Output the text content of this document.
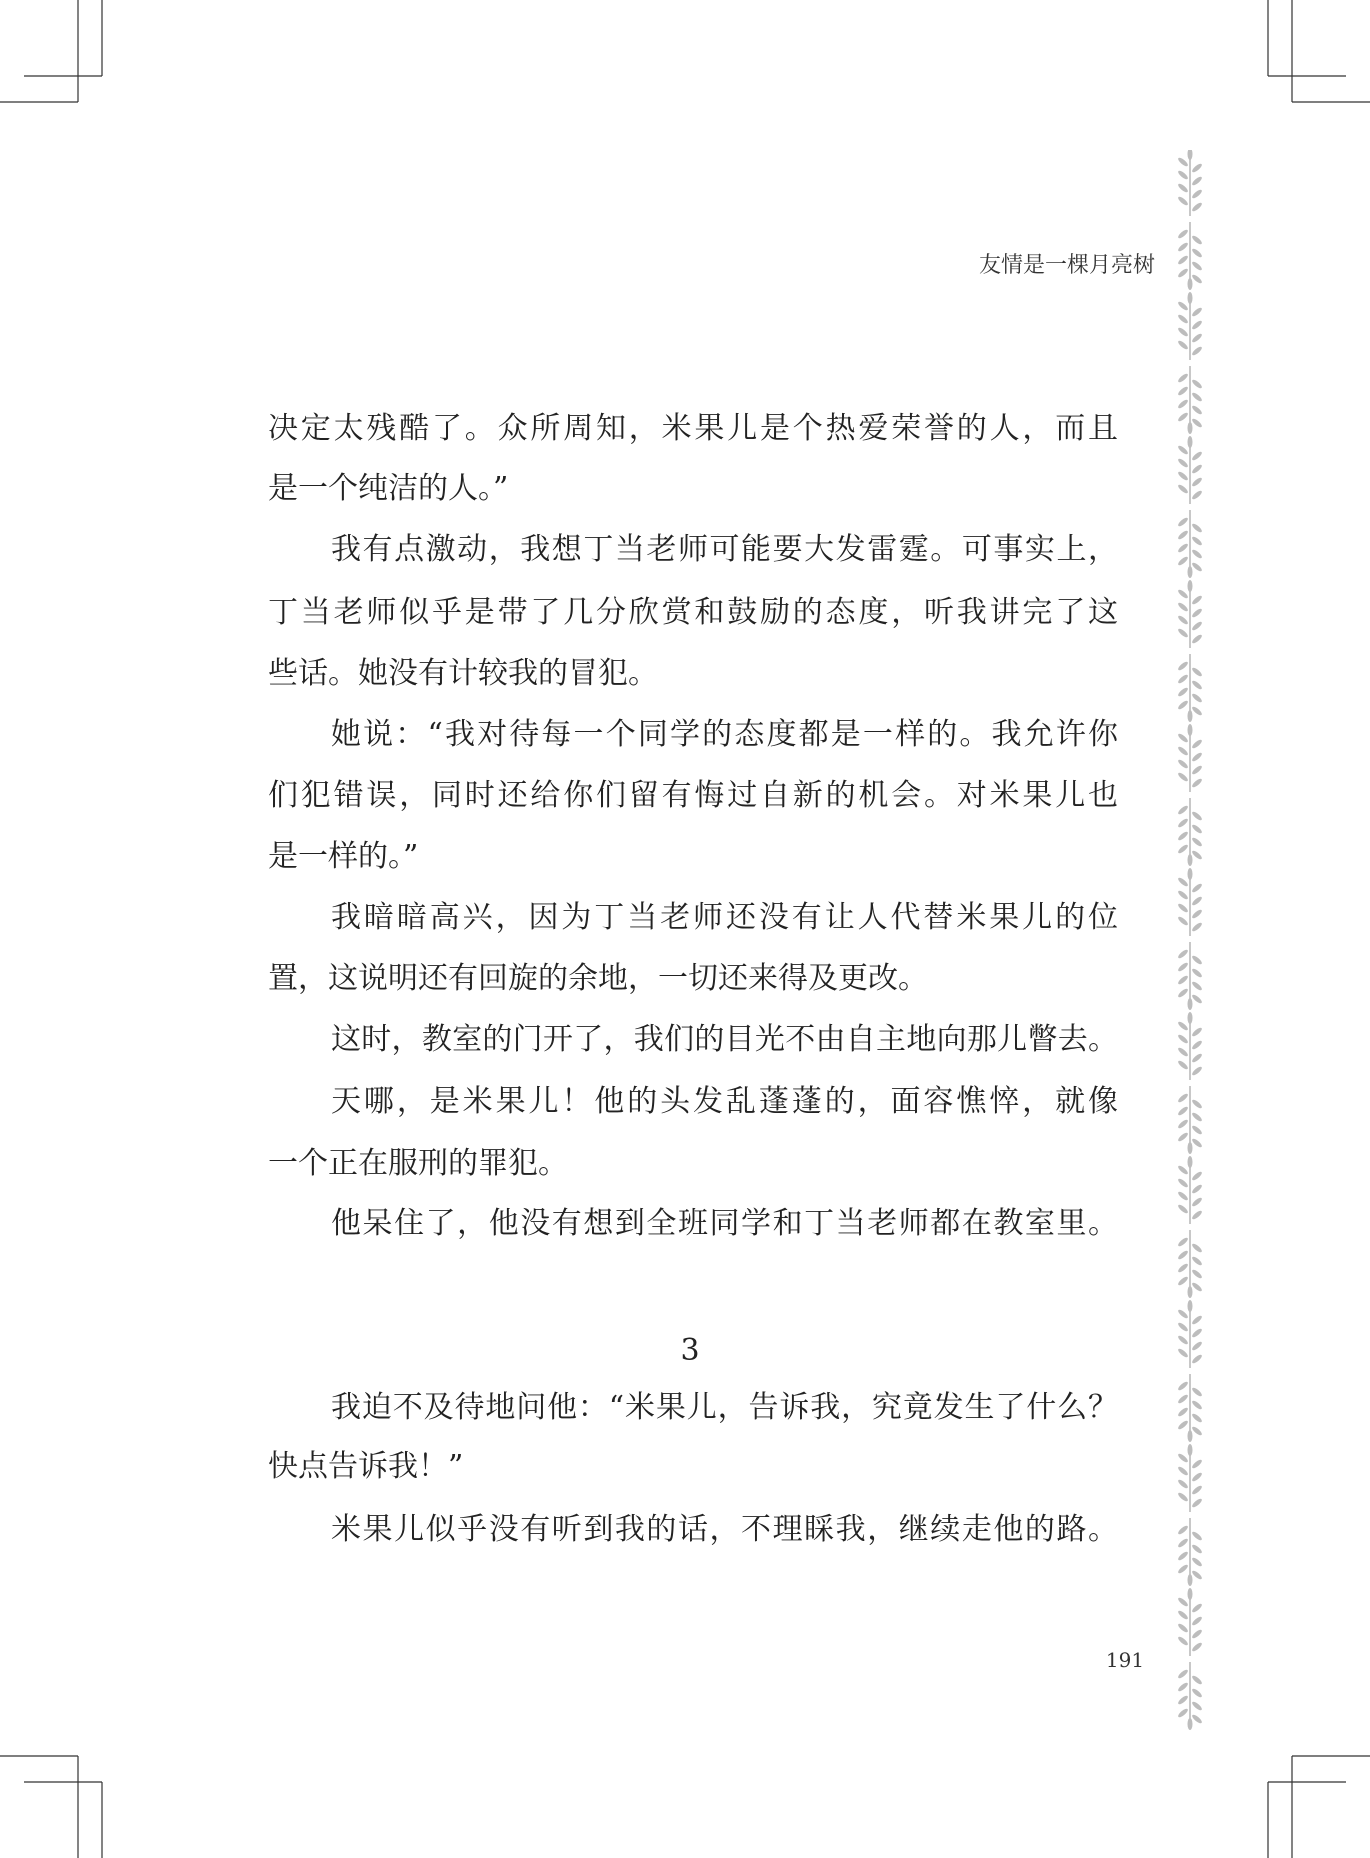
友情是一棵月亮树
决定太残酷了。众所周知，米果儿是个热爱荣誉的人，而且
是一个纯洁的人。”
我有点激动，我想丁当老师可能要大发雷霆。可事实上，
丁当老师似乎是带了几分欣赏和鼓励的态度，听我讲完了这
些话。她没有计较我的冒犯。
她说：“我对待每一个同学的态度都是一样的。我允许你
们犯错误，同时还给你们留有悔过自新的机会。对米果儿也
是一样的。”
我暗暗高兴，因为丁当老师还没有让人代替米果儿的位
置，这说明还有回旋的余地，一切还来得及更改。
这时，教室的门开了，我们的目光不由自主地向那儿瞥去。
天哪，是米果儿！他的头发乱蓬蓬的，面容憔悴，就像
一个正在服刑的罪犯。
他呆住了，他没有想到全班同学和丁当老师都在教室里。
我迫不及待地问他：“米果儿，告诉我，究竟发生了什么？
快点告诉我！”
米果儿似乎没有听到我的话，不理睬我，继续走他的路。
3
191
